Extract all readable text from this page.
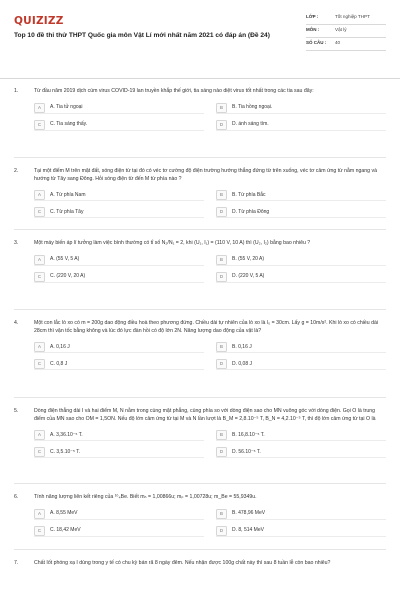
QUIZIZZ
Top 10 đề thi thử THPT Quốc gia môn Vật Lí mới nhất năm 2021 có đáp án (Đề 24)
LỚP :	Tốt nghiệp THPT
MÔN :	Vật lý
SỐ CÂU :	40
1.	Từ đầu năm 2019 dịch cúm virus COVID-19 lan truyền khắp thế giới, tia sáng nào diệt virus tốt nhất trong các tia sau đây:
A	A. Tia tử ngoại	B	B. Tia hồng ngoại.
C	C. Tia sáng thấy.	D	D. ánh sáng tím.
2.	Tại một điểm M trên mặt đất, sóng điện từ tại đó có véc tơ cường độ điện trường hướng thẳng đứng từ trên xuống, véc tơ cảm ứng từ nằm ngang và hướng từ Tây sang Đông. Hỏi sóng điện từ đến M từ phía nào ?
A	A. Từ phía Nam	B	B. Từ phía Bắc
C	C. Từ phía Tây	D	D. Từ phía Đông
3.	Một máy biến áp lí tưởng làm việc bình thường có tỉ số N₂/N₁ = 2, khi (U₁, I₁) = (110 V, 10 A) thì (U₂, I₂) bằng bao nhiêu ?
A	A. (55 V, 5 A)	B	B. (55 V, 20 A)
C	C. (220 V, 20 A)	D	D. (220 V, 5 A)
4.	Một con lắc lò xo có m = 200g dao động điều hoà theo phương đứng. Chiều dài tự nhiên của lò xo là l₀ = 30cm. Lấy g = 10m/s². Khi lò xo có chiều dài 28cm thì vận tốc bằng không và lúc đó lực đàn hồi có độ lớn 2N. Năng lượng dao động của vật là?
A	A. 0,16 J	B	B. 0,16 J
C	C. 0,8 J	D	D. 0,08 J
5.	Dòng điện thẳng dài I và hai điểm M, N nằm trong cùng mặt phẳng, cùng phía so với dòng điện sao cho MN vuông góc với dòng điện. Gọi O là trung điểm của MN sao cho OM = 1,5ON. Nếu độ lớn cảm ứng từ tại M và N lần lượt là B_M = 2,8.10⁻⁵ T, B_N = 4,2.10⁻⁵ T, thì độ lớn cảm ứng từ tại O là
A	A. 3,36.10⁻⁵ T.	B	B. 16,8.10⁻⁵ T.
C	C. 3,5.10⁻⁵ T.	D	D. 56.10⁻⁵ T.
6.	Tính năng lượng liên kết riêng của ¹⁰₄Be. Biết mₙ = 1,00866u; mₚ = 1,00728u; m_Be = 55,9349u.
A	A. 8,55 MeV	B	B. 478,96 MeV
C	C. 18,42 MeV	D	D. 8, 514 MeV
7.	Chất Iốt phóng xạ I dùng trong y tế có chu kỳ bán rã 8 ngày đêm. Nếu nhận được 100g chất này thì sau 8 tuần lễ còn bao nhiêu?
